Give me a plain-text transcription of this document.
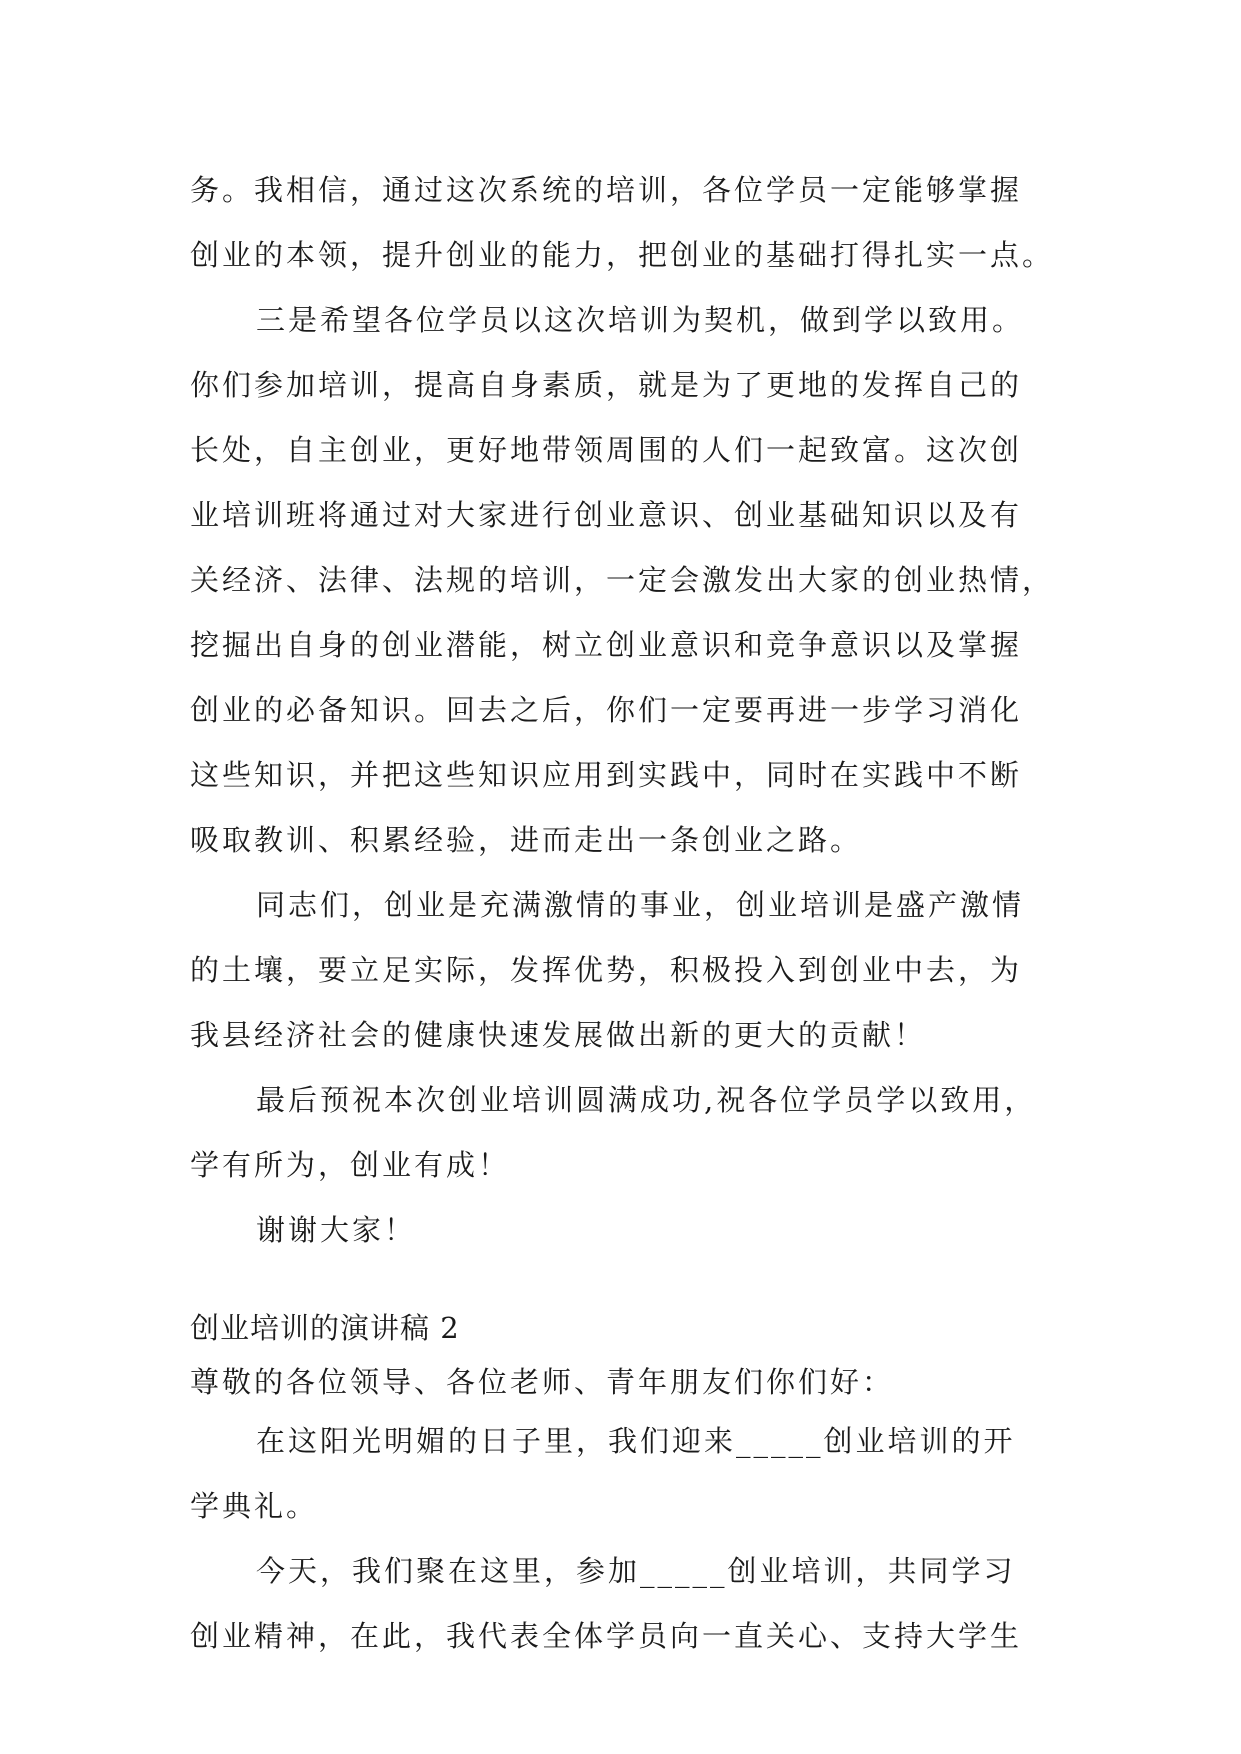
务。我相信，通过这次系统的培训，各位学员一定能够掌握
创业的本领，提升创业的能力，把创业的基础打得扎实一点。
三是希望各位学员以这次培训为契机，做到学以致用。
你们参加培训，提高自身素质，就是为了更地的发挥自己的
长处，自主创业，更好地带领周围的人们一起致富。这次创
业培训班将通过对大家进行创业意识、创业基础知识以及有
关经济、法律、法规的培训，一定会激发出大家的创业热情，
挖掘出自身的创业潜能，树立创业意识和竞争意识以及掌握
创业的必备知识。回去之后，你们一定要再进一步学习消化
这些知识，并把这些知识应用到实践中，同时在实践中不断
吸取教训、积累经验，进而走出一条创业之路。
同志们，创业是充满激情的事业，创业培训是盛产激情
的土壤，要立足实际，发挥优势，积极投入到创业中去，为
我县经济社会的健康快速发展做出新的更大的贡献！
最后预祝本次创业培训圆满成功,祝各位学员学以致用，
学有所为，创业有成！
谢谢大家！
创业培训的演讲稿 2
尊敬的各位领导、各位老师、青年朋友们你们好：
在这阳光明媚的日子里，我们迎来_____创业培训的开
学典礼。
今天，我们聚在这里，参加_____创业培训，共同学习
创业精神，在此，我代表全体学员向一直关心、支持大学生
